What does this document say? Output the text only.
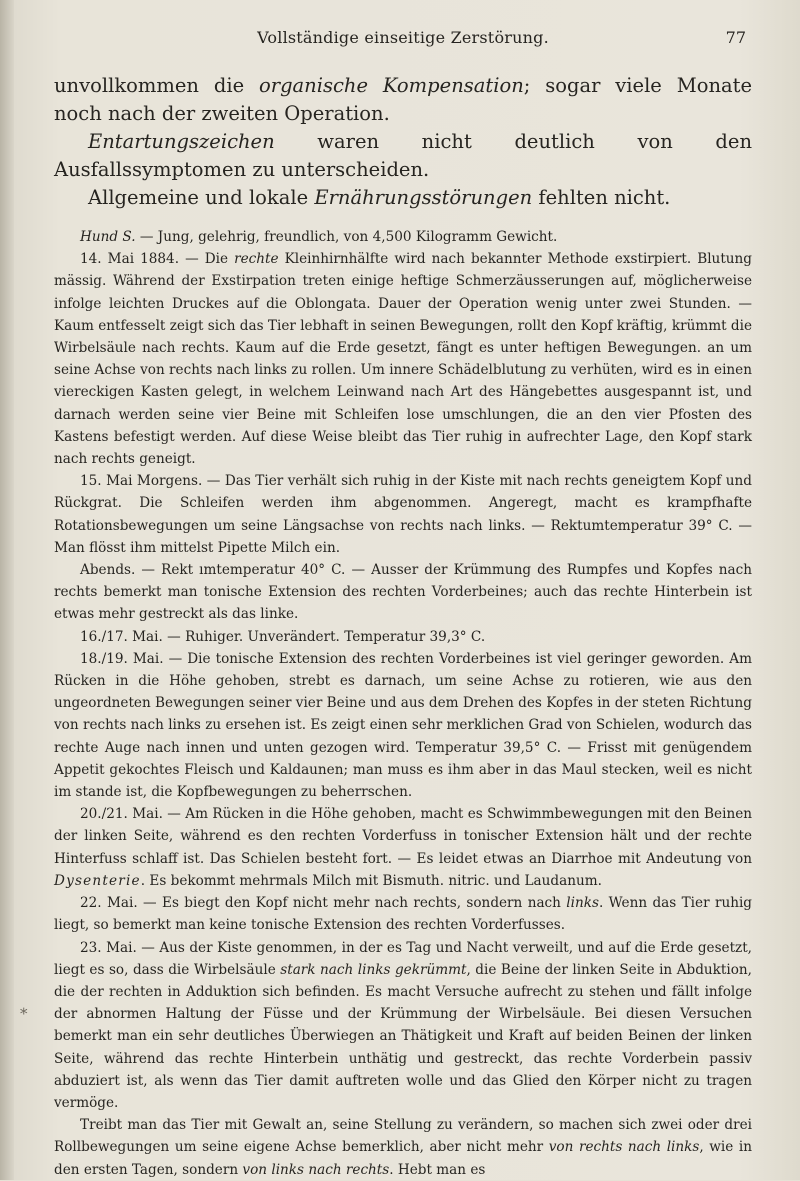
Vollständige einseitige Zerstörung.	77

unvollkommen die organische Kompensation; sogar viele Monate noch nach der zweiten Operation.

Entartungszeichen waren nicht deutlich von den Ausfallssymptomen zu unterscheiden.

Allgemeine und lokale Ernährungsstörungen fehlten nicht.

Hund S. — Jung, gelehrig, freundlich, von 4,500 Kilogramm Gewicht.

14. Mai 1884. — Die rechte Kleinhirnhälfte wird nach bekannter Methode exstirpiert. Blutung mässig. Während der Exstirpation treten einige heftige Schmerzäusserungen auf, möglicherweise infolge leichten Druckes auf die Oblongata. Dauer der Operation wenig unter zwei Stunden. — Kaum entfesselt zeigt sich das Tier lebhaft in seinen Bewegungen, rollt den Kopf kräftig, krümmt die Wirbelsäule nach rechts. Kaum auf die Erde gesetzt, fängt es unter heftigen Bewegungen. an um seine Achse von rechts nach links zu rollen. Um innere Schädelblutung zu verhüten, wird es in einen viereckigen Kasten gelegt, in welchem Leinwand nach Art des Hängebettes ausgespannt ist, und darnach werden seine vier Beine mit Schleifen lose umschlungen, die an den vier Pfosten des Kastens befestigt werden. Auf diese Weise bleibt das Tier ruhig in aufrechter Lage, den Kopf stark nach rechts geneigt.

15. Mai Morgens. — Das Tier verhält sich ruhig in der Kiste mit nach rechts geneigtem Kopf und Rückgrat. Die Schleifen werden ihm abgenommen. Angeregt, macht es krampfhafte Rotationsbewegungen um seine Längsachse von rechts nach links. — Rektumtemperatur 39° C. — Man flösst ihm mittelst Pipette Milch ein.

Abends. — Rekt ımtemperatur 40° C. — Ausser der Krümmung des Rumpfes und Kopfes nach rechts bemerkt man tonische Extension des rechten Vorderbeines; auch das rechte Hinterbein ist etwas mehr gestreckt als das linke.

16./17. Mai. — Ruhiger. Unverändert. Temperatur 39,3° C.

18./19. Mai. — Die tonische Extension des rechten Vorderbeines ist viel geringer geworden. Am Rücken in die Höhe gehoben, strebt es darnach, um seine Achse zu rotieren, wie aus den ungeordneten Bewegungen seiner vier Beine und aus dem Drehen des Kopfes in der steten Richtung von rechts nach links zu ersehen ist. Es zeigt einen sehr merklichen Grad von Schielen, wodurch das rechte Auge nach innen und unten gezogen wird. Temperatur 39,5° C. — Frisst mit genügendem Appetit gekochtes Fleisch und Kaldaunen; man muss es ihm aber in das Maul stecken, weil es nicht im stande ist, die Kopfbewegungen zu beherrschen.

20./21. Mai. — Am Rücken in die Höhe gehoben, macht es Schwimmbewegungen mit den Beinen der linken Seite, während es den rechten Vorderfuss in tonischer Extension hält und der rechte Hinterfuss schlaff ist. Das Schielen besteht fort. — Es leidet etwas an Diarrhoe mit Andeutung von Dysenterie. Es bekommt mehrmals Milch mit Bismuth. nitric. und Laudanum.

22. Mai. — Es biegt den Kopf nicht mehr nach rechts, sondern nach links. Wenn das Tier ruhig liegt, so bemerkt man keine tonische Extension des rechten Vorderfusses.

23. Mai. — Aus der Kiste genommen, in der es Tag und Nacht verweilt, und auf die Erde gesetzt, liegt es so, dass die Wirbelsäule stark nach links gekrümmt, die Beine der linken Seite in Abduktion, die der rechten in Adduktion sich befinden. Es macht Versuche aufrecht zu stehen und fällt infolge der abnormen Haltung der Füsse und der Krümmung der Wirbelsäule. Bei diesen Versuchen bemerkt man ein sehr deutliches Überwiegen an Thätigkeit und Kraft auf beiden Beinen der linken Seite, während das rechte Hinterbein unthätig und gestreckt, das rechte Vorderbein passiv abduziert ist, als wenn das Tier damit auftreten wolle und das Glied den Körper nicht zu tragen vermöge.

Treibt man das Tier mit Gewalt an, seine Stellung zu verändern, so machen sich zwei oder drei Rollbewegungen um seine eigene Achse bemerklich, aber nicht mehr von rechts nach links, wie in den ersten Tagen, sondern von links nach rechts. Hebt man es

⁎
